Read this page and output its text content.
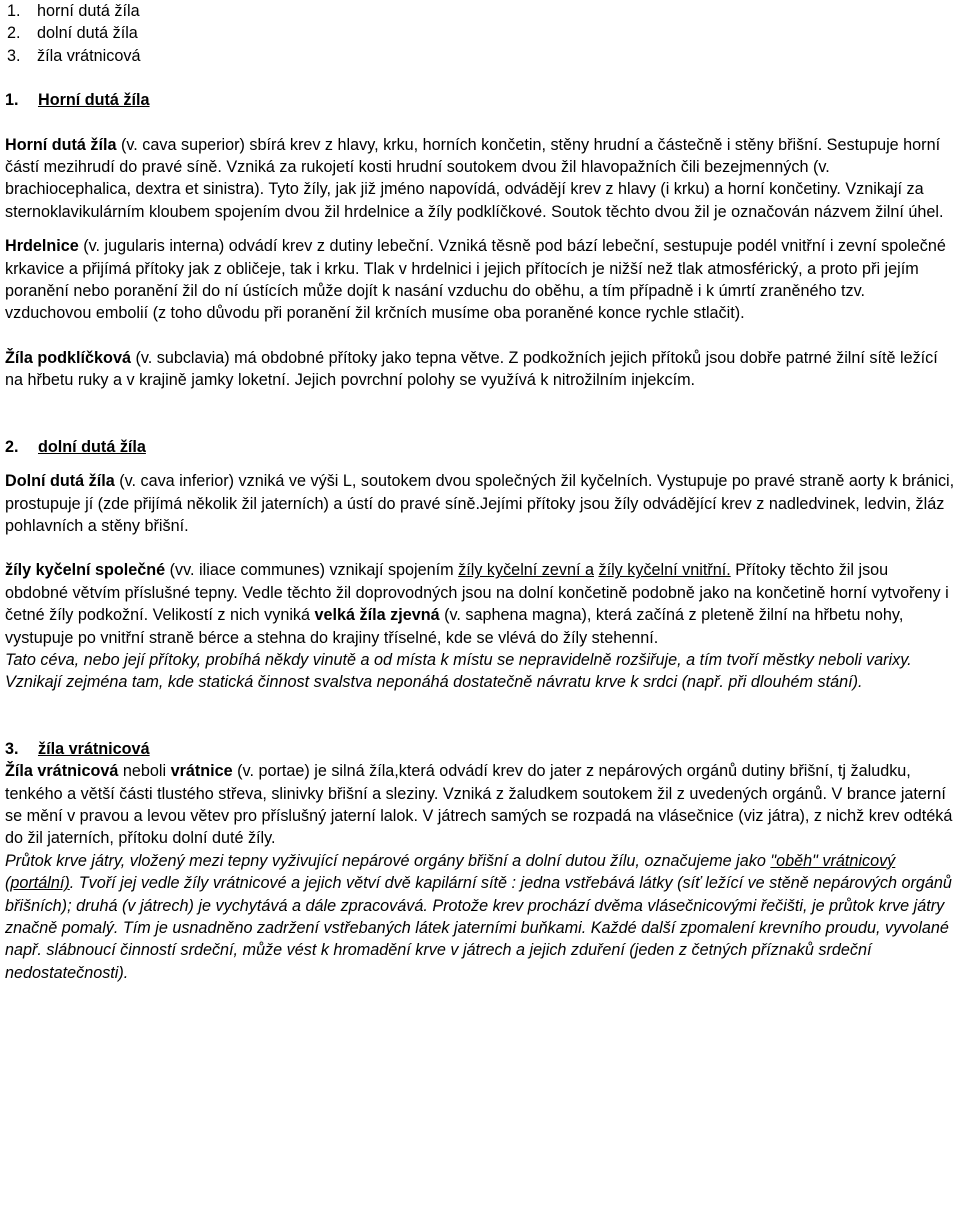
1. horní dutá žíla
2. dolní dutá žíla
3. žíla vrátnicová

1. Horní dutá žíla

Horní dutá žíla (v. cava superior) sbírá krev z hlavy, krku, horních končetin, stěny hrudní a částečně i stěny břišní. Sestupuje horní částí mezihrudí do pravé síně. Vzniká za rukojetí kosti hrudní soutokem dvou žil hlavopažních čili bezejmenných (v. brachiocephalica, dextra et sinistra). Tyto žíly, jak již jméno napovídá, odvádějí krev z hlavy (i krku) a horní končetiny. Vznikají za sternoklavikulárním kloubem spojením dvou žil hrdelnice a žíly podklíčkové. Soutok těchto dvou žil je označován názvem žilní úhel.

Hrdelnice (v. jugularis interna) odvádí krev z dutiny lebeční. Vzniká těsně pod bází lebeční, sestupuje podél vnitřní i zevní společné krkavice a přijímá přítoky jak z obličeje, tak i krku. Tlak v hrdelnici i jejich přítocích je nižší než tlak atmosférický, a proto při jejím poranění nebo poranění žil do ní ústících může dojít k nasání vzduchu do oběhu, a tím případně i k úmrtí zraněného tzv. vzduchovou embolií (z toho důvodu při poranění žil krčních musíme oba poraněné konce rychle stlačit).

Žíla podklíčková (v. subclavia) má obdobné přítoky jako tepna větve. Z podkožních jejich přítoků jsou dobře patrné žilní sítě ležící na hřbetu ruky a v krajině jamky loketní. Jejich povrchní polohy se využívá k nitrožilním injekcím.

2. dolní dutá žíla

Dolní dutá žíla (v. cava inferior) vzniká ve výši L, soutokem dvou společných žil kyčelních. Vystupuje po pravé straně aorty k bránici, prostupuje jí (zde přijímá několik žil jaterních) a ústí do pravé síně.Jejími přítoky jsou žíly odvádějící krev z nadledvinek, ledvin, žláz pohlavních a stěny břišní.

žíly kyčelní společné (vv. iliace communes) vznikají spojením žíly kyčelní zevní a žíly kyčelní vnitřní. Přítoky těchto žil jsou obdobné větvím příslušné tepny. Vedle těchto žil doprovodných jsou na dolní končetině podobně jako na končetině horní vytvořeny i četné žíly podkožní. Velikostí z nich vyniká velká žíla zjevná (v. saphena magna), která začíná z pleteně žilní na hřbetu nohy, vystupuje po vnitřní straně bérce a stehna do krajiny tříselné, kde se vlévá do žíly stehenní.

Tato céva, nebo její přítoky, probíhá někdy vinutě a od místa k místu se nepravidelně rozšiřuje, a tím tvoří městky neboli varixy. Vznikají zejména tam, kde statická činnost svalstva neponáhá dostatečně návratu krve k srdci (např. při dlouhém stání).

3. žíla vrátnicová

Žíla vrátnicová neboli vrátnice (v. portae) je silná žíla,která odvádí krev do jater z nepárových orgánů dutiny břišní, tj žaludku, tenkého a větší části tlustého střeva, slinivky břišní a sleziny. Vzniká z žaludkem soutokem žil z uvedených orgánů. V brance jaterní se mění v pravou a levou větev pro příslušný jaterní lalok. V játrech samých se rozpadá na vlásečnice (viz játra), z nichž krev odtéká do žil jaterních, přítoku dolní duté žíly.

Průtok krve játry, vložený mezi tepny vyživující nepárové orgány břišní a dolní dutou žílu, označujeme jako "oběh" vrátnicový (portální). Tvoří jej vedle žíly vrátnicové a jejich větví dvě kapilární sítě : jedna vstřebává látky (síť ležící ve stěně nepárových orgánů břišních); druhá (v játrech) je vychytává a dále zpracovává. Protože krev prochází dvěma vlásečnicovými řečišti, je průtok krve játry značně pomalý. Tím je usnadněno zadržení vstřebaných látek jaterními buňkami. Každé další zpomalení krevního proudu, vyvolané např. slábnoucí činností srdeční, může vést k hromadění krve v játrech a jejich zduření (jeden z četných příznaků srdeční nedostatečnosti).
